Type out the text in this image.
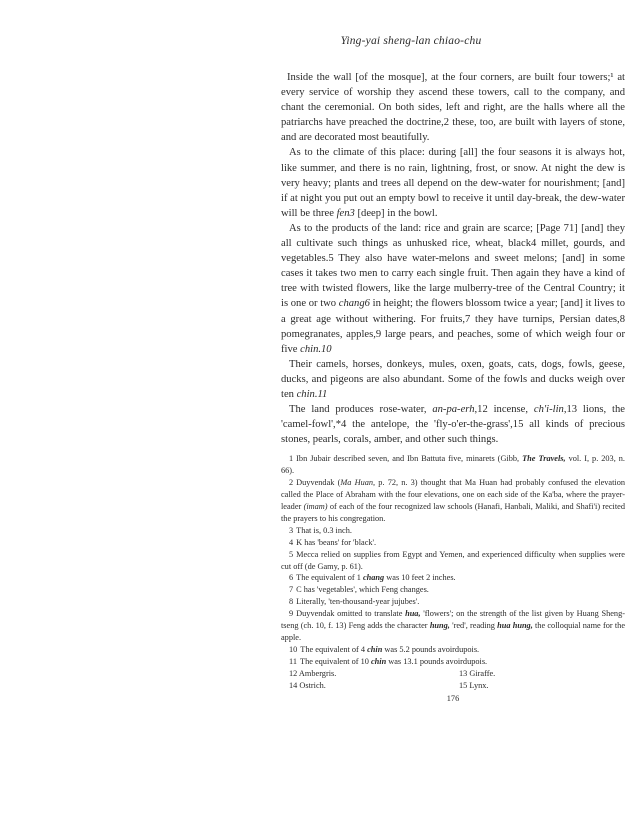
Ying-yai sheng-lan chiao-chu

Inside the wall [of the mosque], at the four corners, are built four towers;¹ at every service of worship they ascend these towers, call to the company, and chant the ceremonial. On both sides, left and right, are the halls where all the patriarchs have preached the doctrine,2 these, too, are built with layers of stone, and are decorated most beautifully.

As to the climate of this place: during [all] the four seasons it is always hot, like summer, and there is no rain, lightning, frost, or snow. At night the dew is very heavy; plants and trees all depend on the dew-water for nourishment; [and] if at night you put out an empty bowl to receive it until day-break, the dew-water will be three fen3 [deep] in the bowl.

As to the products of the land: rice and grain are scarce; [Page 71] [and] they all cultivate such things as unhusked rice, wheat, black4 millet, gourds, and vegetables.5 They also have water-melons and sweet melons; [and] in some cases it takes two men to carry each single fruit. Then again they have a kind of tree with twisted flowers, like the large mulberry-tree of the Central Country; it is one or two chang6 in height; the flowers blossom twice a year; [and] it lives to a great age without withering. For fruits,7 they have turnips, Persian dates,8 pomegranates, apples,9 large pears, and peaches, some of which weigh four or five chin.10

Their camels, horses, donkeys, mules, oxen, goats, cats, dogs, fowls, geese, ducks, and pigeons are also abundant. Some of the fowls and ducks weigh over ten chin.11

The land produces rose-water, an-pa-erh,12 incense, ch'i-lin,13 lions, the 'camel-fowl',*4 the antelope, the 'fly-o'er-the-grass',15 all kinds of precious stones, pearls, corals, amber, and other such things.

1 Ibn Jubair described seven, and Ibn Battuta five, minarets (Gibb, The Travels, vol. I, p. 203, n. 66).

2 Duyvendak (Ma Huan, p. 72, n. 3) thought that Ma Huan had probably confused the elevation called the Place of Abraham with the four elevations, one on each side of the Ka'ba, where the prayer-leader (imam) of each of the four recognized law schools (Hanafi, Hanbali, Maliki, and Shafi'i) recited the prayers to his congregation.

3 That is, 0.3 inch.

4 K has 'beans' for 'black'.

5 Mecca relied on supplies from Egypt and Yemen, and experienced difficulty when supplies were cut off (de Gamy, p. 61).

6 The equivalent of 1 chang was 10 feet 2 inches.

7 C has 'vegetables', which Feng changes.

8 Literally, 'ten-thousand-year jujubes'.

9 Duyvendak omitted to translate hua, 'flowers'; on the strength of the list given by Huang Sheng-tseng (ch. 10, f. 13) Feng adds the character hung, 'red', reading hua hung, the colloquial name for the apple.

10 The equivalent of 4 chin was 5.2 pounds avoirdupois.

11 The equivalent of 10 chin was 13.1 pounds avoirdupois.

12 Ambergris.	13 Giraffe.
14 Ostrich.	15 Lynx.
176
